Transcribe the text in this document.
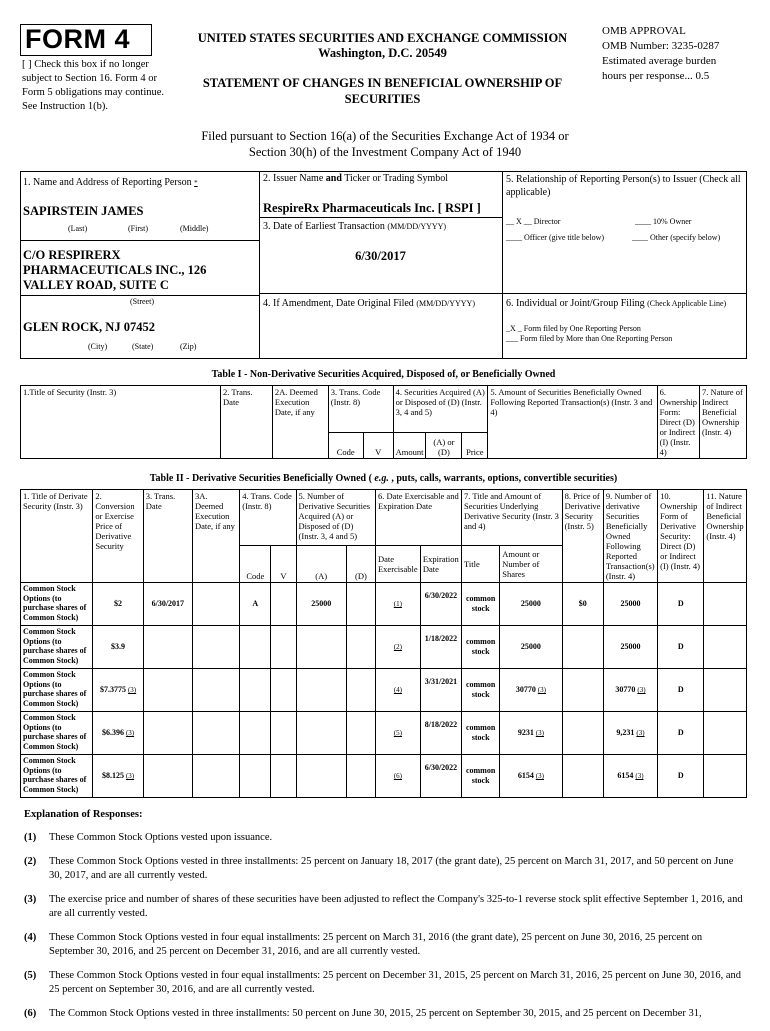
FORM 4
[ ] Check this box if no longer subject to Section 16. Form 4 or Form 5 obligations may continue. See Instruction 1(b).
UNITED STATES SECURITIES AND EXCHANGE COMMISSION
Washington, D.C. 20549
STATEMENT OF CHANGES IN BENEFICIAL OWNERSHIP OF SECURITIES
OMB APPROVAL
OMB Number: 3235-0287
Estimated average burden
hours per response... 0.5
Filed pursuant to Section 16(a) of the Securities Exchange Act of 1934 or
Section 30(h) of the Investment Company Act of 1940
1. Name and Address of Reporting Person *
SAPIRSTEIN JAMES
(Last)	(First)	(Middle)
C/O RESPIRERX
PHARMACEUTICALS INC., 126
VALLEY ROAD, SUITE C
(Street)
GLEN ROCK, NJ 07452
(City)	(State)	(Zip)
2. Issuer Name and Ticker or Trading Symbol
RespireRx Pharmaceuticals Inc. [ RSPI ]
3. Date of Earliest Transaction (MM/DD/YYYY)
6/30/2017
4. If Amendment, Date Original Filed (MM/DD/YYYY)
5. Relationship of Reporting Person(s) to Issuer (Check all applicable)
__ X __ Director	____ 10% Owner
____ Officer (give title below)	____ Other (specify below)
6. Individual or Joint/Group Filing (Check Applicable Line)
_X _ Form filed by One Reporting Person
___ Form filed by More than One Reporting Person
Table I - Non-Derivative Securities Acquired, Disposed of, or Beneficially Owned
1.Title of Security (Instr. 3)	2. Trans. Date	2A. Deemed Execution Date, if any	3. Trans. Code (Instr. 8)		4. Securities Acquired (A) or Disposed of (D) (Instr. 3, 4 and 5)			5. Amount of Securities Beneficially Owned Following Reported Transaction(s) (Instr. 3 and 4)	6. Ownership Form: Direct (D) or Indirect (I) (Instr. 4)	7. Nature of Indirect Beneficial Ownership (Instr. 4)
			Code	V	Amount	(A) or (D)	Price			
Table II - Derivative Securities Beneficially Owned ( e.g. , puts, calls, warrants, options, convertible securities)
1. Title of Derivate Security (Instr. 3)	2. Conversion or Exercise Price of Derivative Security	3. Trans. Date	3A. Deemed Execution Date, if any	4. Trans. Code (Instr. 8)		5. Number of Derivative Securities Acquired (A) or Disposed of (D) (Instr. 3, 4 and 5)		6. Date Exercisable and Expiration Date		7. Title and Amount of Securities Underlying Derivative Security (Instr. 3 and 4)		8. Price of Derivative Security (Instr. 5)	9. Number of derivative Securities Beneficially Owned Following Reported Transaction(s) (Instr. 4)	10. Ownership Form of Derivative Security: Direct (D) or Indirect (I) (Instr. 4)	11. Nature of Indirect Beneficial Ownership (Instr. 4)
				Code	V	(A)	(D)	Date Exercisable	Expiration Date	Title	Amount or Number of Shares				
Common Stock Options (to purchase shares of Common Stock)	$2	6/30/2017		A		25000		(1)	6/30/2022	common stock	25000	$0	25000	D	
Common Stock Options (to purchase shares of Common Stock)	$3.9							(2)	1/18/2022	common stock	25000		25000	D	
Common Stock Options (to purchase shares of Common Stock)	$7.3775 (3)							(4)	3/31/2021	common stock	30770 (3)		30770 (3)	D	
Common Stock Options (to purchase shares of Common Stock)	$6.396 (3)							(5)	8/18/2022	common stock	9231 (3)		9,231 (3)	D	
Common Stock Options (to purchase shares of Common Stock)	$8.125 (3)							(6)	6/30/2022	common stock	6154 (3)		6154 (3)	D	
Explanation of Responses:
(1)	These Common Stock Options vested upon issuance.
(2)	These Common Stock Options vested in three installments: 25 percent on January 18, 2017 (the grant date), 25 percent on March 31, 2017, and 50 percent on June 30, 2017, and are all currently vested.
(3)	The exercise price and number of shares of these securities have been adjusted to reflect the Company's 325-to-1 reverse stock split effective September 1, 2016, and are all currently vested.
(4)	These Common Stock Options vested in four equal installments: 25 percent on March 31, 2016 (the grant date), 25 percent on June 30, 2016, 25 percent on September 30, 2016, and 25 percent on December 31, 2016, and are all currently vested.
(5)	These Common Stock Options vested in four equal installments: 25 percent on December 31, 2015, 25 percent on March 31, 2016, 25 percent on June 30, 2016, and 25 percent on September 30, 2016, and are all currently vested.
(6)	The Common Stock Options vested in three installments: 50 percent on June 30, 2015, 25 percent on September 30, 2015, and 25 percent on December 31,
